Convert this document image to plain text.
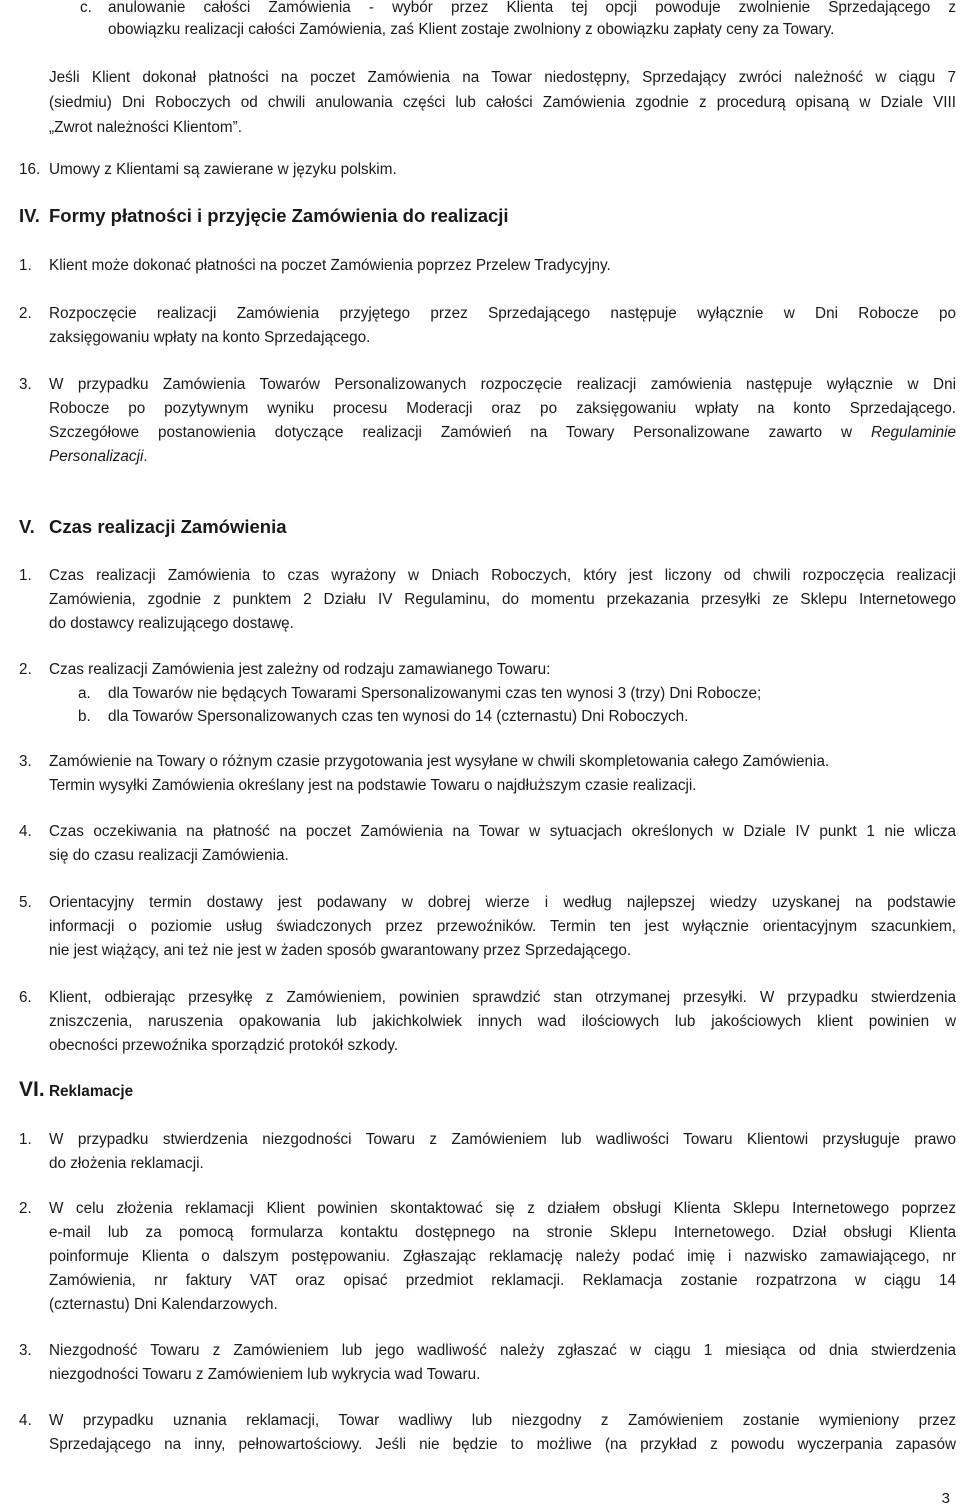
c. anulowanie całości Zamówienia - wybór przez Klienta tej opcji powoduje zwolnienie Sprzedającego z
obowiązku realizacji całości Zamówienia, zaś Klient zostaje zwolniony z obowiązku zapłaty ceny za Towary.
Jeśli Klient dokonał płatności na poczet Zamówienia na Towar niedostępny, Sprzedający zwróci należność w ciągu 7
(siedmiu) Dni Roboczych od chwili anulowania części lub całości Zamówienia zgodnie z procedurą opisaną w Dziale VIII
„Zwrot należności Klientom”.
16. Umowy z Klientami są zawierane w języku polskim.
IV. Formy płatności i przyjęcie Zamówienia do realizacji
1. Klient może dokonać płatności na poczet Zamówienia poprzez Przelew Tradycyjny.
2. Rozpoczęcie realizacji Zamówienia przyjętego przez Sprzedającego następuje wyłącznie w Dni Robocze po
zaksięgowaniu wpłaty na konto Sprzedającego.
3. W przypadku Zamówienia Towarów Personalizowanych rozpoczęcie realizacji zamówienia następuje wyłącznie w Dni
Robocze po pozytywnym wyniku procesu Moderacji oraz po zaksięgowaniu wpłaty na konto Sprzedającego.
Szczegółowe postanowienia dotyczące realizacji Zamówień na Towary Personalizowane zawarto w Regulaminie
Personalizacji.
V. Czas realizacji Zamówienia
1. Czas realizacji Zamówienia to czas wyrażony w Dniach Roboczych, który jest liczony od chwili rozpoczęcia realizacji
Zamówienia, zgodnie z punktem 2 Działu IV Regulaminu, do momentu przekazania przesyłki ze Sklepu Internetowego
do dostawcy realizującego dostawę.
2. Czas realizacji Zamówienia jest zależny od rodzaju zamawianego Towaru:
a. dla Towarów nie będących Towarami Spersonalizowanymi czas ten wynosi 3 (trzy) Dni Robocze;
b. dla Towarów Spersonalizowanych czas ten wynosi do 14 (czternastu) Dni Roboczych.
3. Zamówienie na Towary o różnym czasie przygotowania jest wysyłane w chwili skompletowania całego Zamówienia.
Termin wysyłki Zamówienia określany jest na podstawie Towaru o najdłuższym czasie realizacji.
4. Czas oczekiwania na płatność na poczet Zamówienia na Towar w sytuacjach określonych w Dziale IV punkt 1 nie wlicza
się do czasu realizacji Zamówienia.
5. Orientacyjny termin dostawy jest podawany w dobrej wierze i według najlepszej wiedzy uzyskanej na podstawie
informacji o poziomie usług świadczonych przez przewoźników. Termin ten jest wyłącznie orientacyjnym szacunkiem,
nie jest wiążący, ani też nie jest w żaden sposób gwarantowany przez Sprzedającego.
6. Klient, odbierając przesyłkę z Zamówieniem, powinien sprawdzić stan otrzymanej przesyłki. W przypadku stwierdzenia
zniszczenia, naruszenia opakowania lub jakichkolwiek innych wad ilościowych lub jakościowych klient powinien w
obecności przewoźnika sporządzić protokół szkody.
VI. Reklamacje
1. W przypadku stwierdzenia niezgodności Towaru z Zamówieniem lub wadliwości Towaru Klientowi przysługuje prawo
do złożenia reklamacji.
2. W celu złożenia reklamacji Klient powinien skontaktować się z działem obsługi Klienta Sklepu Internetowego poprzez
e-mail lub za pomocą formularza kontaktu dostępnego na stronie Sklepu Internetowego. Dział obsługi Klienta
poinformuje Klienta o dalszym postępowaniu. Zgłaszając reklamację należy podać imię i nazwisko zamawiającego, nr
Zamówienia, nr faktury VAT oraz opisać przedmiot reklamacji. Reklamacja zostanie rozpatrzona w ciągu 14
(czternastu) Dni Kalendarzowych.
3. Niezgodność Towaru z Zamówieniem lub jego wadliwość należy zgłaszać w ciągu 1 miesiąca od dnia stwierdzenia
niezgodności Towaru z Zamówieniem lub wykrycia wad Towaru.
4. W przypadku uznania reklamacji, Towar wadliwy lub niezgodny z Zamówieniem zostanie wymieniony przez
Sprzedającego na inny, pełnowartościowy. Jeśli nie będzie to możliwe (na przykład z powodu wyczerpania zapasów
3
